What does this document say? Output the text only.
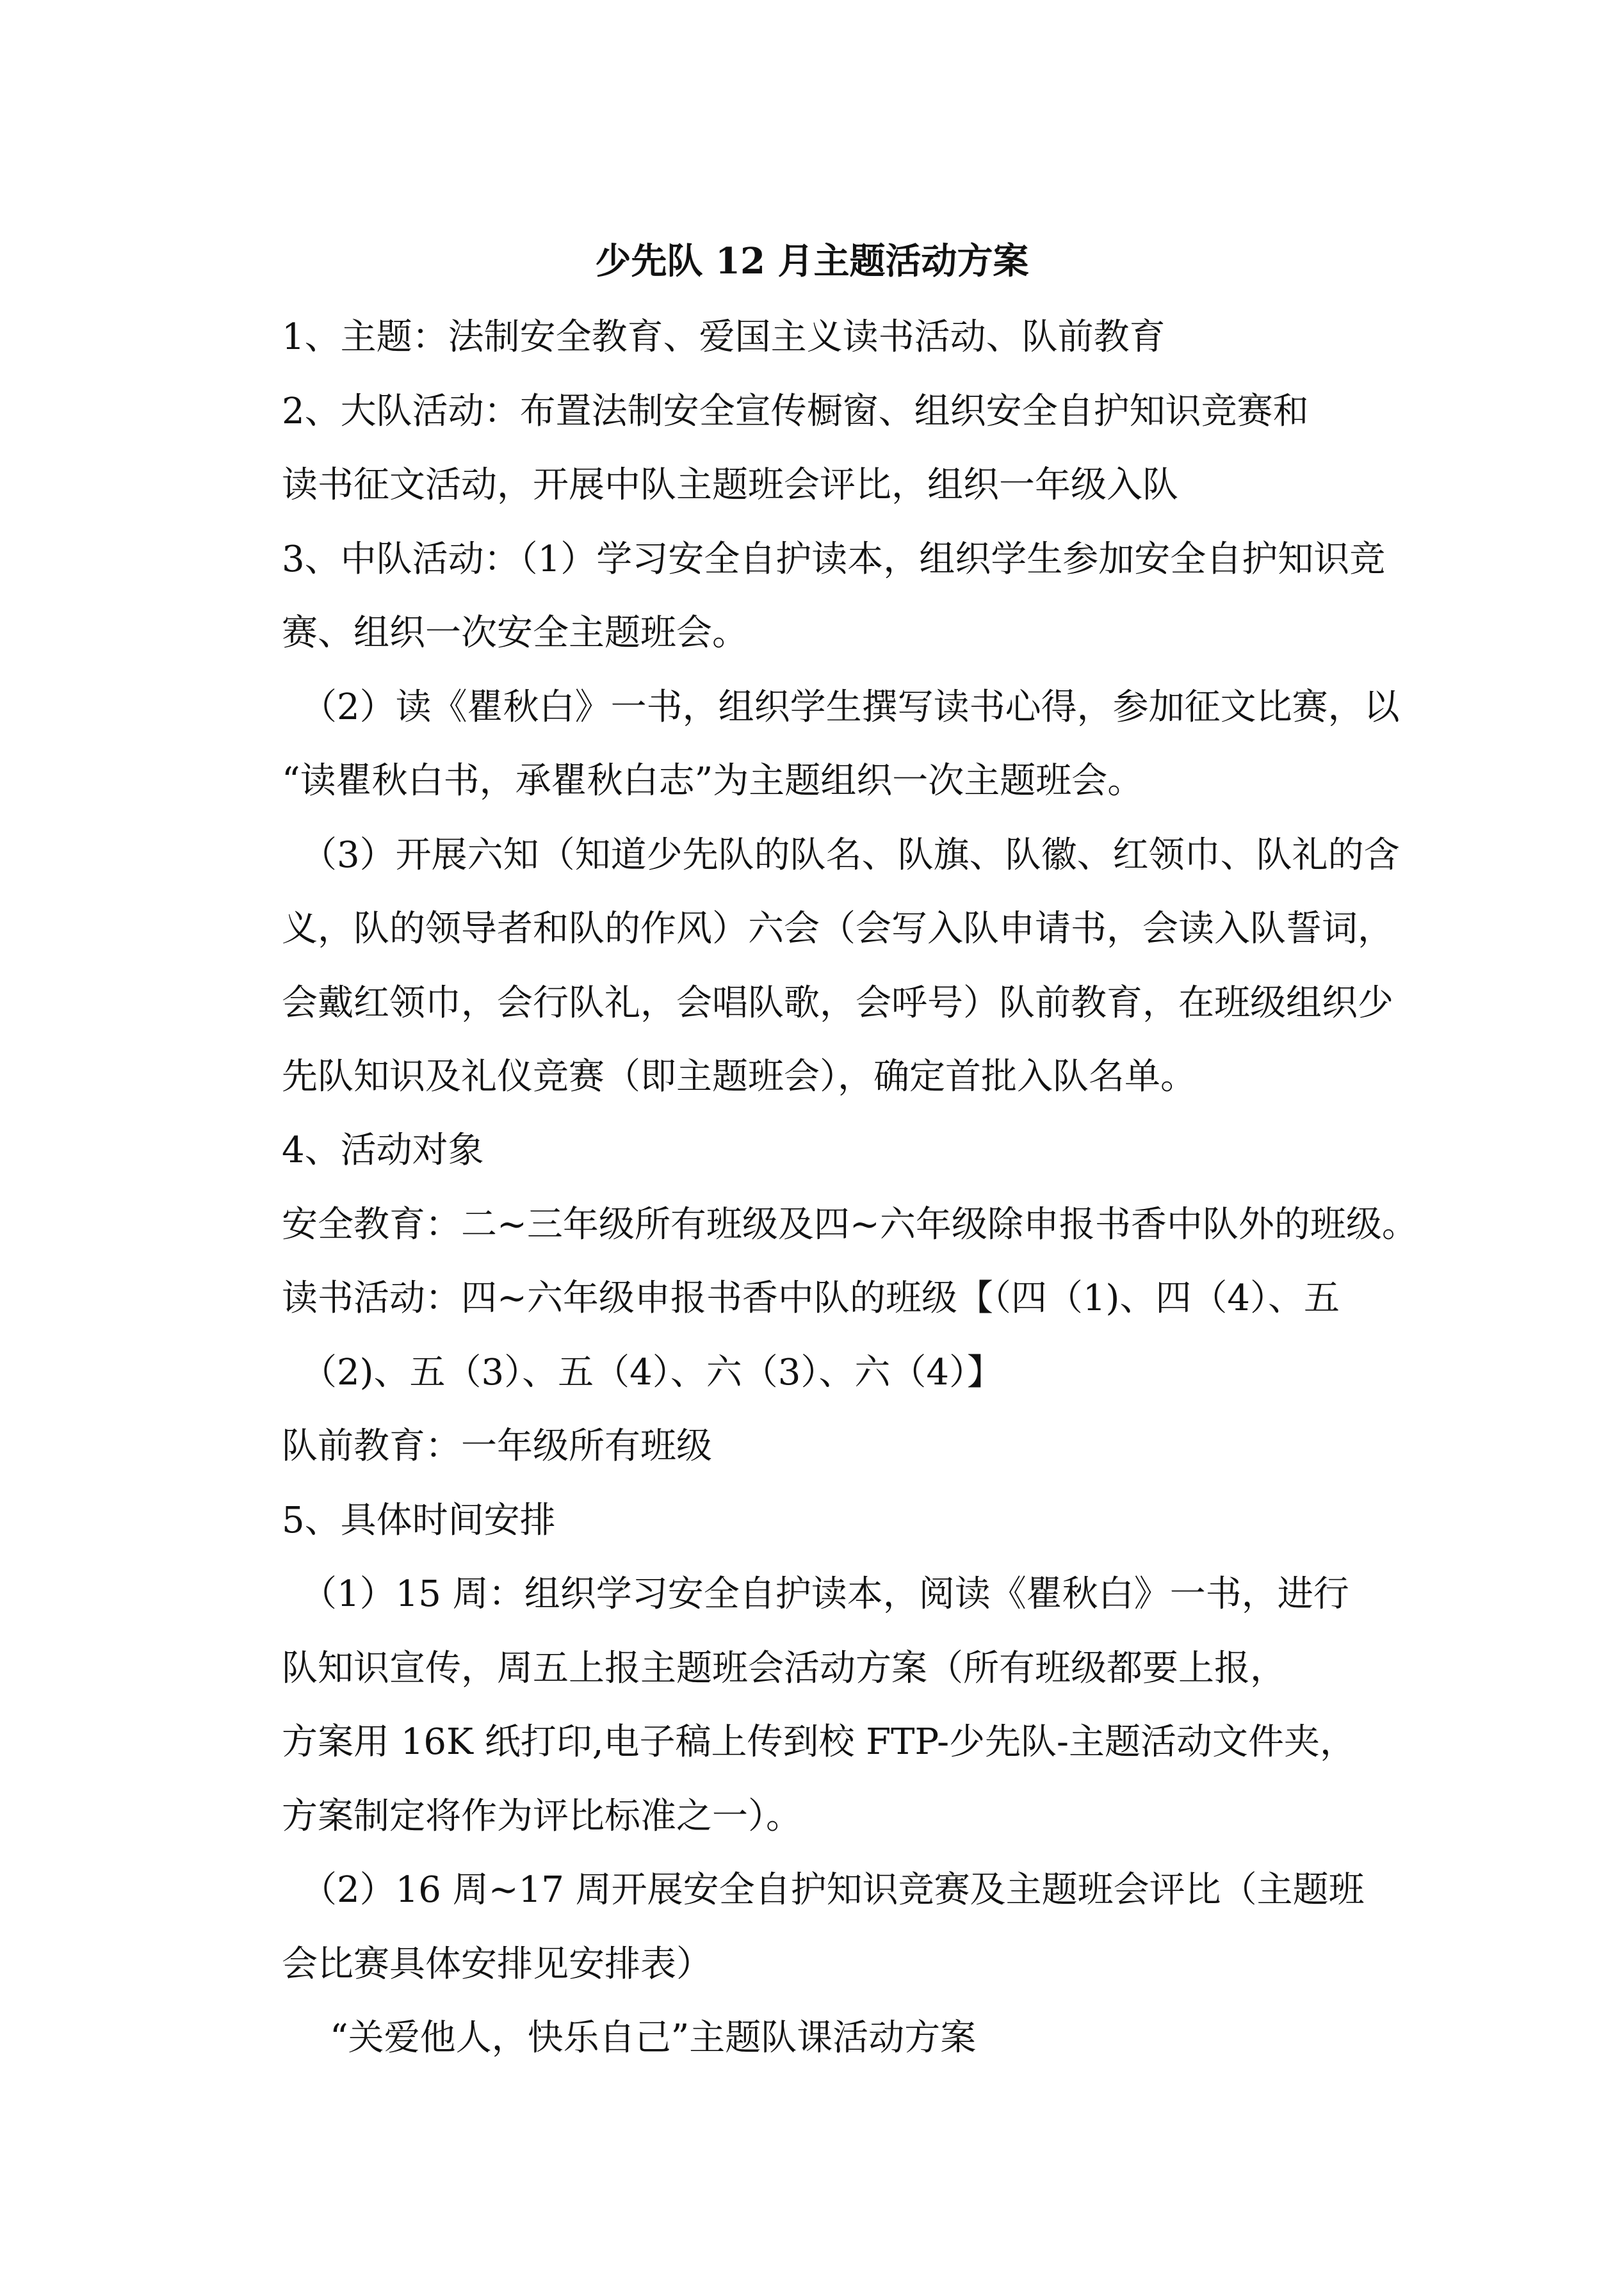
少先队 12 月主题活动方案
1、主题：法制安全教育、爱国主义读书活动、队前教育
2、大队活动：布置法制安全宣传橱窗、组织安全自护知识竞赛和
读书征文活动，开展中队主题班会评比，组织一年级入队
3、中队活动：（1）学习安全自护读本，组织学生参加安全自护知识竞
赛、组织一次安全主题班会。
（2）读《瞿秋白》一书，组织学生撰写读书心得，参加征文比赛，以
“读瞿秋白书，承瞿秋白志”为主题组织一次主题班会。
（3）开展六知（知道少先队的队名、队旗、队徽、红领巾、队礼的含
义，队的领导者和队的作风）六会（会写入队申请书，会读入队誓词，
会戴红领巾，会行队礼，会唱队歌，会呼号）队前教育，在班级组织少
先队知识及礼仪竞赛（即主题班会），确定首批入队名单。
4、活动对象
安全教育：二~三年级所有班级及四~六年级除申报书香中队外的班级。
读书活动：四~六年级申报书香中队的班级【（四（1)、四（4）、五
（2)、五（3）、五（4）、六（3）、六（4）】
队前教育：一年级所有班级
5、具体时间安排
（1）15 周：组织学习安全自护读本，阅读《瞿秋白》一书，进行
队知识宣传，周五上报主题班会活动方案（所有班级都要上报，
方案用 16K 纸打印,电子稿上传到校 FTP-少先队-主题活动文件夹，
方案制定将作为评比标准之一）。
（2）16 周~17 周开展安全自护知识竞赛及主题班会评比（主题班
会比赛具体安排见安排表）
“关爱他人，快乐自己”主题队课活动方案
